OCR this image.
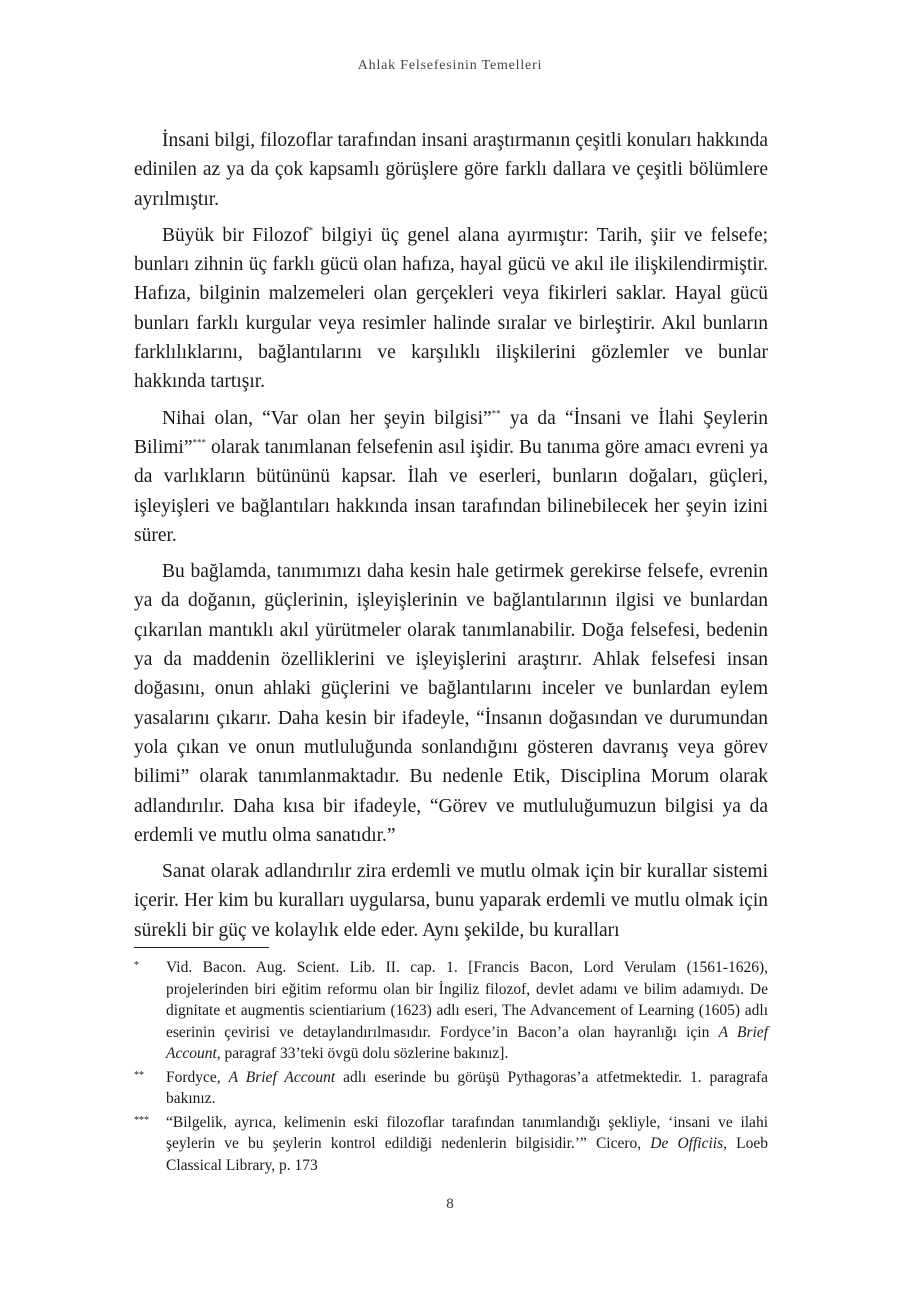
Ahlak Felsefesinin Temelleri

İnsani bilgi, filozoflar tarafından insani araştırmanın çeşitli konuları hakkında edinilen az ya da çok kapsamlı görüşlere göre farklı dallara ve çeşitli bölümlere ayrılmıştır.

Büyük bir Filozof* bilgiyi üç genel alana ayırmıştır: Tarih, şiir ve felsefe; bunları zihnin üç farklı gücü olan hafıza, hayal gücü ve akıl ile ilişkilendirmiştir. Hafıza, bilginin malzemeleri olan gerçekleri veya fikirleri saklar. Hayal gücü bunları farklı kurgular veya resimler halinde sıralar ve birleştirir. Akıl bunların farklılıklarını, bağlantılarını ve karşılıklı ilişkilerini gözlemler ve bunlar hakkında tartışır.

Nihai olan, “Var olan her şeyin bilgisi”** ya da “İnsani ve İlahi Şeylerin Bilimi”*** olarak tanımlanan felsefenin asıl işidir. Bu tanıma göre amacı evreni ya da varlıkların bütününü kapsar. İlah ve eserleri, bunların doğaları, güçleri, işleyişleri ve bağlantıları hakkında insan tarafından bilinebilecek her şeyin izini sürer.

Bu bağlamda, tanımımızı daha kesin hale getirmek gerekirse felsefe, evrenin ya da doğanın, güçlerinin, işleyişlerinin ve bağlantılarının ilgisi ve bunlardan çıkarılan mantıklı akıl yürütmeler olarak tanımlanabilir. Doğa felsefesi, bedenin ya da maddenin özelliklerini ve işleyişlerini araştırır. Ahlak felsefesi insan doğasını, onun ahlaki güçlerini ve bağlantılarını inceler ve bunlardan eylem yasalarını çıkarır. Daha kesin bir ifadeyle, “İnsanın doğasından ve durumundan yola çıkan ve onun mutluluğunda sonlandığını gösteren davranış veya görev bilimi” olarak tanımlanmaktadır. Bu nedenle Etik, Disciplina Morum olarak adlandırılır. Daha kısa bir ifadeyle, “Görev ve mutluluğumuzun bilgisi ya da erdemli ve mutlu olma sanatıdır.”

Sanat olarak adlandırılır zira erdemli ve mutlu olmak için bir kurallar sistemi içerir. Her kim bu kuralları uygularsa, bunu yaparak erdemli ve mutlu olmak için sürekli bir güç ve kolaylık elde eder. Aynı şekilde, bu kuralları

*	Vid. Bacon. Aug. Scient. Lib. II. cap. 1. [Francis Bacon, Lord Verulam (1561-1626), projelerinden biri eğitim reformu olan bir İngiliz filozof, devlet adamı ve bilim adamıydı. De dignitate et augmentis scientiarium (1623) adlı eseri, The Advancement of Learning (1605) adlı eserinin çevirisi ve detaylandırılmasıdır. Fordyce’in Bacon’a olan hayranlığı için A Brief Account, paragraf 33’teki övgü dolu sözlerine bakınız].
**	Fordyce, A Brief Account adlı eserinde bu görüşü Pythagoras’a atfetmektedir. 1. paragrafa bakınız.
***	“Bilgelik, ayrıca, kelimenin eski filozoflar tarafından tanımlandığı şekliyle, ‘insani ve ilahi şeylerin ve bu şeylerin kontrol edildiği nedenlerin bilgisidir.’” Cicero, De Officiis, Loeb Classical Library, p. 173
8
